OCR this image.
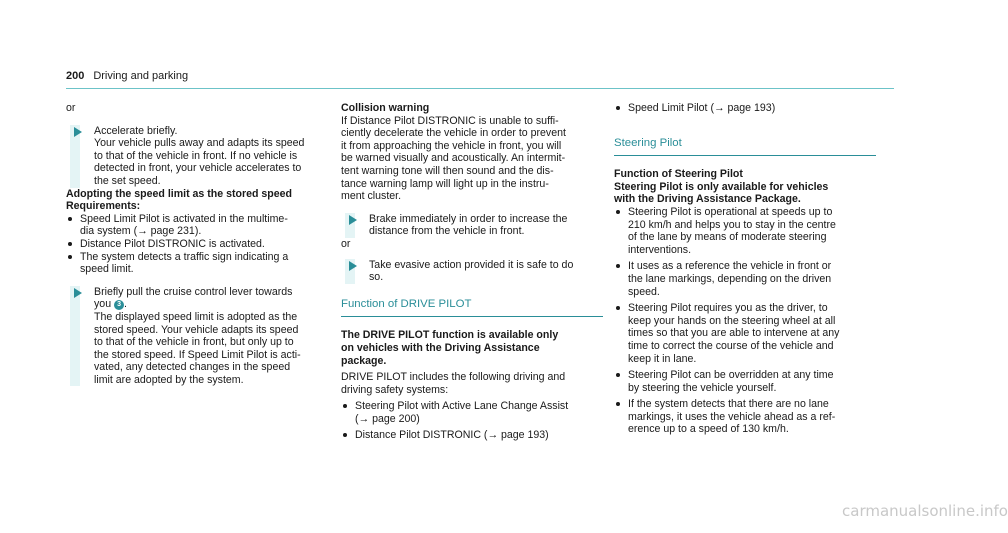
200 Driving and parking

or

Accelerate briefly.

Your vehicle pulls away and adapts its speed

to that of the vehicle in front. If no vehicle is

detected in front, your vehicle accelerates to

the set speed.

Adopting the speed limit as the stored speed

Requirements:

Speed Limit Pilot is activated in the multime-

dia system (→ page 231).

Distance Pilot DISTRONIC is activated.

The system detects a traffic sign indicating a

speed limit.

Briefly pull the cruise control lever towards

you 3 .

The displayed speed limit is adopted as the

stored speed. Your vehicle adapts its speed

to that of the vehicle in front, but only up to

the stored speed. If Speed Limit Pilot is acti-

vated, any detected changes in the speed

limit are adopted by the system.

Collision warning

If Distance Pilot DISTRONIC is unable to suffi-

ciently decelerate the vehicle in order to prevent

it from approaching the vehicle in front, you will

be warned visually and acoustically. An intermit-

tent warning tone will then sound and the dis-

tance warning lamp will light up in the instru-

ment cluster.

Brake immediately in order to increase the

distance from the vehicle in front.

or

Take evasive action provided it is safe to do

so.

Function of DRIVE PILOT

The DRIVE PILOT function is available only

on vehicles with the Driving Assistance

package.

DRIVE PILOT includes the following driving and

driving safety systems:

Steering Pilot with Active Lane Change Assist

(→ page 200)

Distance Pilot DISTRONIC (→ page 193)

Speed Limit Pilot (→ page 193)

Steering Pilot

Function of Steering Pilot

Steering Pilot is only available for vehicles

with the Driving Assistance Package.

Steering Pilot is operational at speeds up to

210 km/h and helps you to stay in the centre

of the lane by means of moderate steering

interventions.

It uses as a reference the vehicle in front or

the lane markings, depending on the driven

speed.

Steering Pilot requires you as the driver, to

keep your hands on the steering wheel at all

times so that you are able to intervene at any

time to correct the course of the vehicle and

keep it in lane.

Steering Pilot can be overridden at any time

by steering the vehicle yourself.

If the system detects that there are no lane

markings, it uses the vehicle ahead as a ref-

erence up to a speed of 130 km/h.

carmanualsonline.info
